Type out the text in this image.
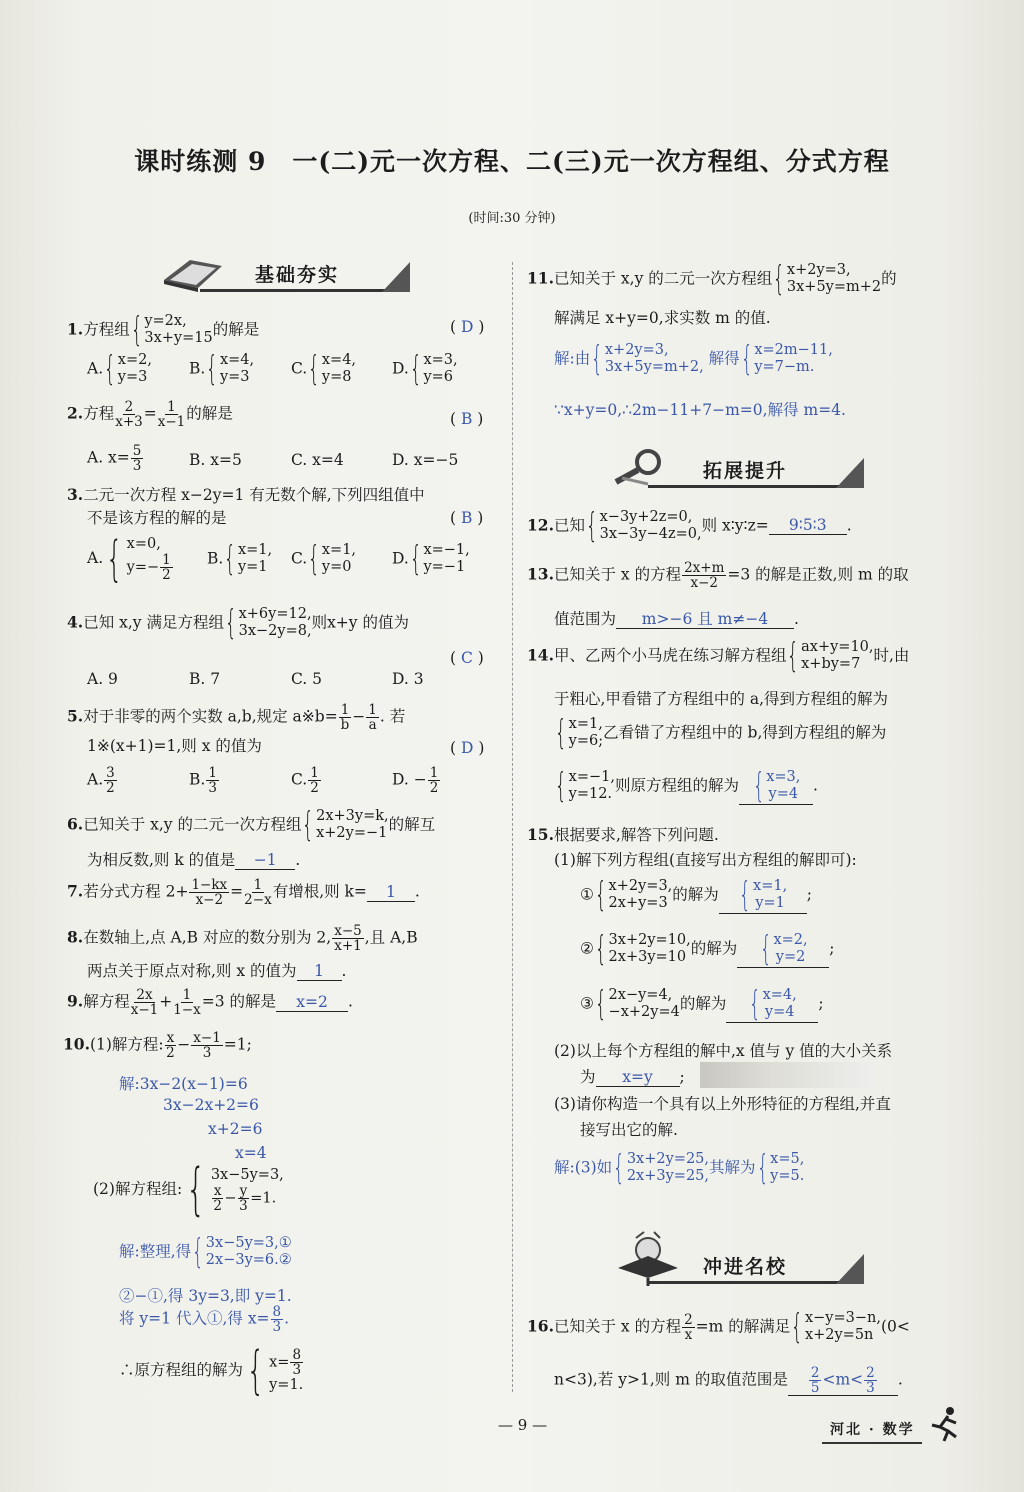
课时练测 9　一(二)元一次方程、二(三)元一次方程组、分式方程
(时间:30 分钟)
基础夯实
1.方程组 { y=2x,
3x+y=15 的解是	( D )
A. { x=2,
y=3	B. { x=4,
y=3	C. { x=4,
y=8	D. { x=3,
y=6
2.方程 $\frac{2}{x+3} = \frac{1}{x-1}$ 的解是	( B )
A. $x= \frac{5}{3}$	B. x=5	C. x=4	D. x=−5
3.二元一次方程 x−2y=1 有无数个解,下列四组值中
不是该方程的解的是	( B )
A. { x=0,
$y=- \frac{1}{2} B$. { x=1,
y=1 C. { x=1,
y=0	D. { x=−1,
y=−1
4.已知 x,y 满足方程组 { x+6y=12,
3x−2y=8, 则x+y 的值为
( C )
A. 9	B. 7	C. 5	D. 3
5.对于非零的两个实数 a,b,规定 a※b= $\frac{1}{b} - \frac{1}{a}$ . 若
1※(x+1)=1,则 x 的值为	( D )
A. $\frac{3}{2}$	B. $\frac{1}{3}$	C. $\frac{1}{2}$	D. − $\frac{1}{2}$
6.已知关于 x,y 的二元一次方程组 { 2x+3y=k,
x+2y=−1 的解互
为相反数,则 k 的值是 −1 .
7.若分式方程 $2+ \frac{1-kx}{x-2} = \frac{1}{2-x}$ 有增根,则 k= 1 .
8.在数轴上,点 A,B 对应的数分别为 2, $\frac{x-5}{x+1}$ ,且 A,B
两点关于原点对称,则 x 的值为 1 .
9.解方程 $\frac{2x}{x-1} + \frac{1}{1-x} =3$ 的解是 x=2 .
10.(1)解方程: $\frac{x}{2} - \frac{x-1}{3} =1$;
解:3x−2(x−1)=6
3x−2x+2=6
x+2=6
x=4
(2)解方程组: { 3x−5y=3,
$\frac{x}{2} - \frac{y}{3} =1$.
解:整理,得 { 3x−5y=3,①
2x−3y=6.②
②−①,得 3y=3,即 y=1.
将 y=1 代入①,得 $x= \frac{8}{3}$ .
∴原方程组的解为 { $x= \frac{8}{3}$
y=1.
11.已知关于 x,y 的二元一次方程组 { x+2y=3,
3x+5y=m+2 的
解满足 x+y=0,求实数 m 的值.
解:由 { x+2y=3,
3x+5y=m+2, 解得 { x=2m−11,
y=7−m.
∵x+y=0,∴2m−11+7−m=0,解得 m=4.
拓展提升
12.已知 { x−3y+2z=0,
3x−3y−4z=0, 则 x∶y∶z= 9∶5∶3 .
13.已知关于 x 的方程 $\frac{2x+m}{x-2} =3$ 的解是正数,则 m 的取
值范围为 m>−6 且 m≠−4 .
14.甲、乙两个小马虎在练习解方程组 { ax+y=10,
x+by=7 时,由
于粗心,甲看错了方程组中的 a,得到方程组的解为
{ x=1,
y=6; 乙看错了方程组中的 b,得到方程组的解为
{ x=−1,
y=12. 则原方程组的解为 { x=3,
y=4 .
15.根据要求,解答下列问题.
(1)解下列方程组(直接写出方程组的解即可):
① { x+2y=3,
2x+y=3 的解为 { x=1,
y=1 ;
② { 3x+2y=10,
2x+3y=10 的解为 { x=2,
y=2 ;
③ { 2x−y=4,
−x+2y=4 的解为 { x=4,
y=4 ;
(2)以上每个方程组的解中,x 值与 y 值的大小关系
为 x=y ;
(3)请你构造一个具有以上外形特征的方程组,并直
接写出它的解.
解:(3)如 { 3x+2y=25,
2x+3y=25, 其解为 { x=5,
y=5.
冲进名校
16.已知关于 x 的方程 $\frac{2}{x} =m$ 的解满足 { x−y=3−n,
x+2y=5n (0<
n<3),若 y>1,则 m 的取值范围是 $\frac{2}{5} <m< \frac{2}{3}$ .
— 9 —	河北 · 数学
